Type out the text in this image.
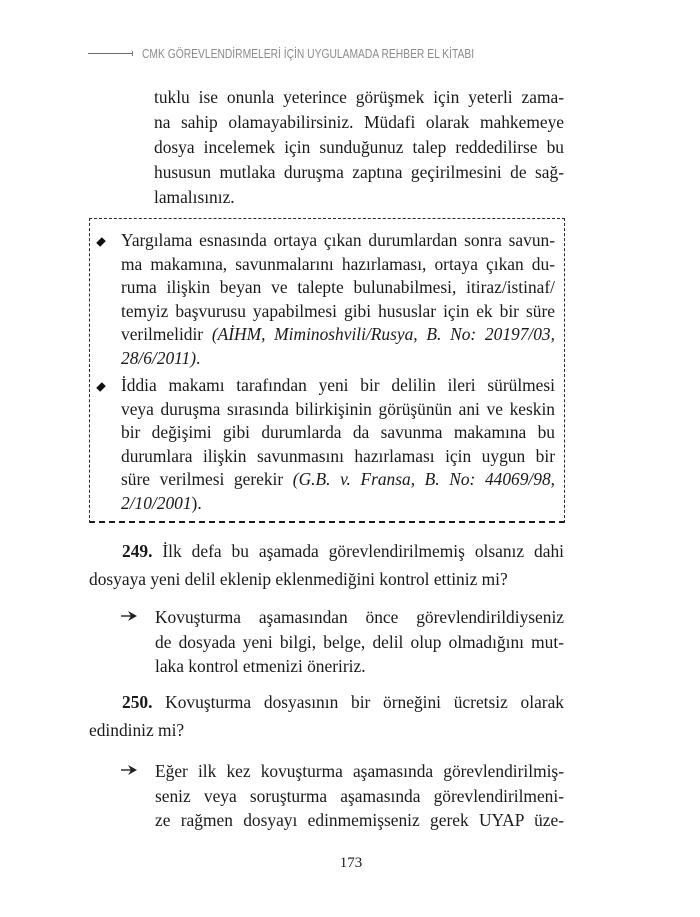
CMK GÖREVLENDİRMELERİ İÇİN UYGULAMADA REHBER EL KİTABI
tuklu ise onunla yeterince görüşmek için yeterli zama-
na sahip olamayabilirsiniz. Müdafi olarak mahkemeye
dosya incelemek için sunduğunuz talep reddedilirse bu
hususun mutlaka duruşma zaptına geçirilmesini de sağ-
lamalısınız.
Yargılama esnasında ortaya çıkan durumlardan sonra savun-
ma makamına, savunmalarını hazırlaması, ortaya çıkan du-
ruma ilişkin beyan ve talepte bulunabilmesi, itiraz/istinaf/
temyiz başvurusu yapabilmesi gibi hususlar için ek bir süre
verilmelidir (AİHM, Miminoshvili/Rusya, B. No: 20197/03,
28/6/2011).
İddia makamı tarafından yeni bir delilin ileri sürülmesi
veya duruşma sırasında bilirkişinin görüşünün ani ve keskin
bir değişimi gibi durumlarda da savunma makamına bu
durumlara ilişkin savunmasını hazırlaması için uygun bir
süre verilmesi gerekir (G.B. v. Fransa, B. No: 44069/98,
2/10/2001).
249. İlk defa bu aşamada görevlendirilmemiş olsanız dahi
dosyaya yeni delil eklenip eklenmediğini kontrol ettiniz mi?
Kovuşturma aşamasından önce görevlendirildiyseniz
de dosyada yeni bilgi, belge, delil olup olmadığını mut-
laka kontrol etmenizi öneririz.
250. Kovuşturma dosyasının bir örneğini ücretsiz olarak
edindiniz mi?
Eğer ilk kez kovuşturma aşamasında görevlendirilmiş-
seniz veya soruşturma aşamasında görevlendirilmeni-
ze rağmen dosyayı edinmemişseniz gerek UYAP üze-
173
